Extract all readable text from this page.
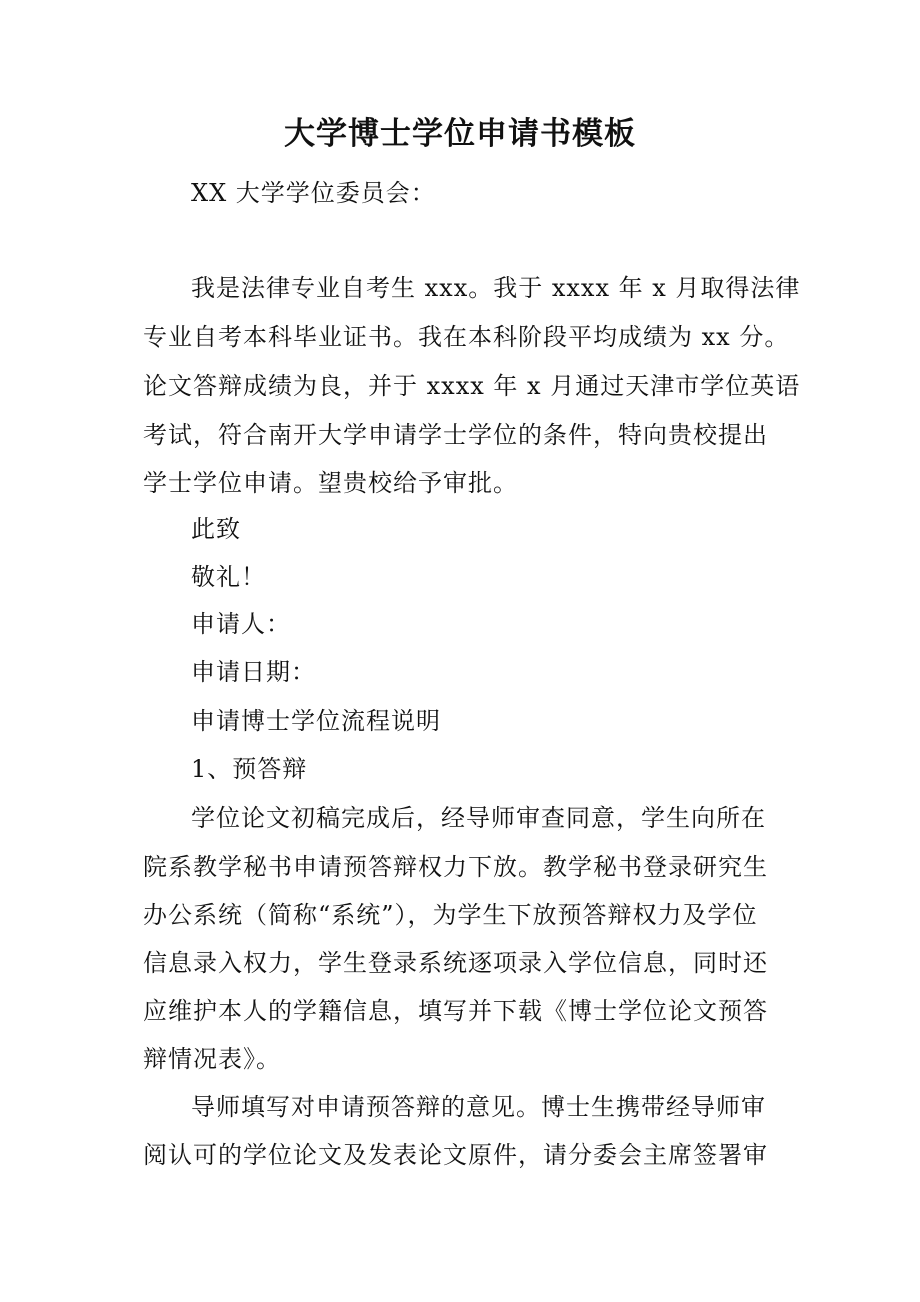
大学博士学位申请书模板
XX 大学学位委员会：
我是法律专业自考生 xxx。我于 xxxx 年 x 月取得法律
专业自考本科毕业证书。我在本科阶段平均成绩为 xx 分。
论文答辩成绩为良，并于 xxxx 年 x 月通过天津市学位英语
考试，符合南开大学申请学士学位的条件，特向贵校提出
学士学位申请。望贵校给予审批。
此致
敬礼！
申请人：
申请日期：
申请博士学位流程说明
1、预答辩
学位论文初稿完成后，经导师审查同意，学生向所在
院系教学秘书申请预答辩权力下放。教学秘书登录研究生
办公系统（简称“系统”），为学生下放预答辩权力及学位
信息录入权力，学生登录系统逐项录入学位信息，同时还
应维护本人的学籍信息，填写并下载《博士学位论文预答
辩情况表》。
导师填写对申请预答辩的意见。博士生携带经导师审
阅认可的学位论文及发表论文原件，请分委会主席签署审
